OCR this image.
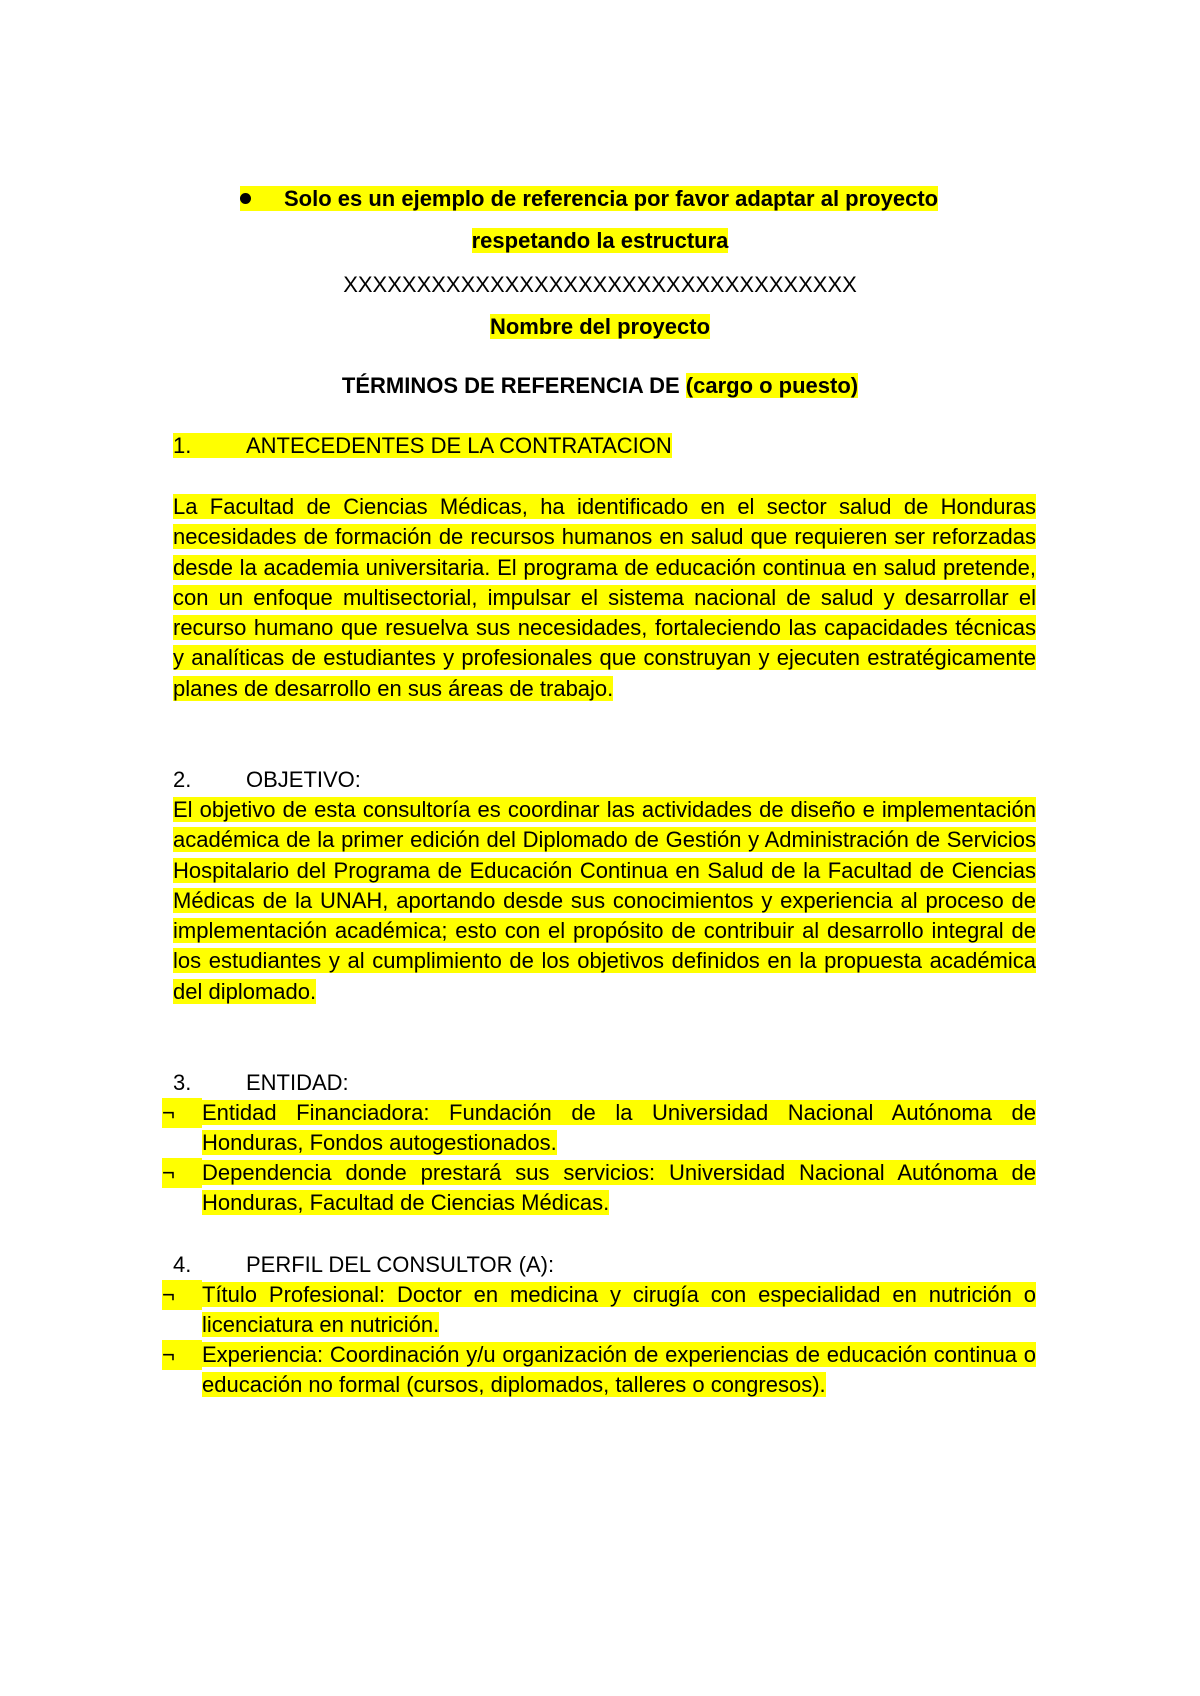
Solo es un ejemplo de referencia por favor adaptar al proyecto
respetando la estructura
XXXXXXXXXXXXXXXXXXXXXXXXXXXXXXXXXXX
Nombre del proyecto
TÉRMINOS DE REFERENCIA DE (cargo o puesto)
1. ANTECEDENTES DE LA CONTRATACION

La Facultad de Ciencias Médicas, ha identificado en el sector salud de Honduras necesidades de formación de recursos humanos en salud que requieren ser reforzadas desde la academia universitaria. El programa de educación continua en salud pretende, con un enfoque multisectorial, impulsar el sistema nacional de salud y desarrollar el recurso humano que resuelva sus necesidades, fortaleciendo las capacidades técnicas y analíticas de estudiantes y profesionales que construyan y ejecuten estratégicamente planes de desarrollo en sus áreas de trabajo.

2. OBJETIVO:

El objetivo de esta consultoría es coordinar las actividades de diseño e implementación académica de la primer edición del Diplomado de Gestión y Administración de Servicios Hospitalario del Programa de Educación Continua en Salud de la Facultad de Ciencias Médicas de la UNAH, aportando desde sus conocimientos y experiencia al proceso de implementación académica; esto con el propósito de contribuir al desarrollo integral de los estudiantes y al cumplimiento de los objetivos definidos en la propuesta académica del diplomado.

3. ENTIDAD:
¬	Entidad Financiadora: Fundación de la Universidad Nacional Autónoma de Honduras, Fondos autogestionados.

¬	Dependencia donde prestará sus servicios: Universidad Nacional Autónoma de Honduras, Facultad de Ciencias Médicas.

4. PERFIL DEL CONSULTOR (A):
¬	Título Profesional: Doctor en medicina y cirugía con especialidad en nutrición o licenciatura en nutrición.

¬	Experiencia: Coordinación y/u organización de experiencias de educación continua o educación no formal (cursos, diplomados, talleres o congresos).
